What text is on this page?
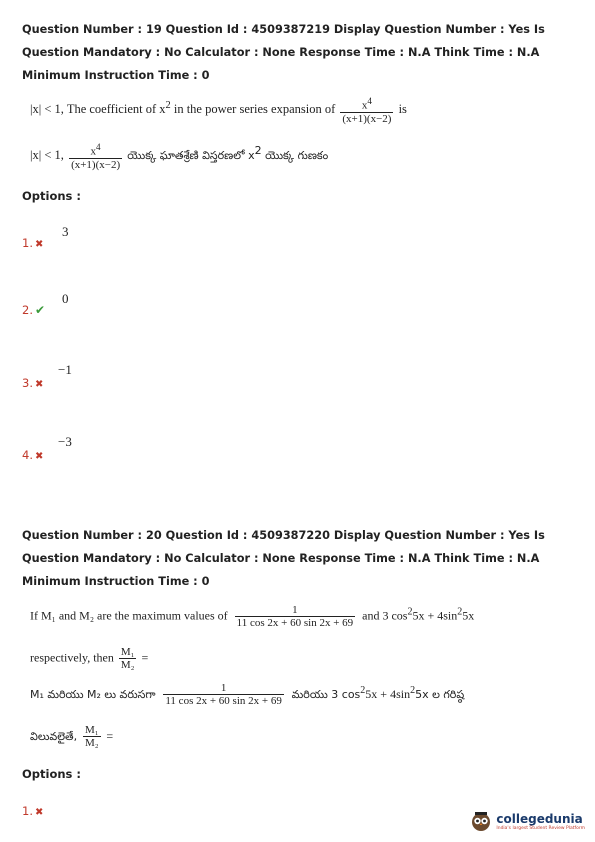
Question Number : 19 Question Id : 4509387219 Display Question Number : Yes Is Question Mandatory : No Calculator : None Response Time : N.A Think Time : N.A Minimum Instruction Time : 0
|x| < 1, The coefficient of $x^2$ in the power series expansion of $\frac{x^4}{(x+1)(x-2)}$ is
|x| < 1, $\frac{x^4}{(x+1)(x-2)}$ యొక్క ఘాతశ్రేణి విస్తరణలో $x^2$ యొక్క గుణకం
Options :
1. ✖
3
2. ✔
0
3. ✖
−1
4. ✖
−3
Question Number : 20 Question Id : 4509387220 Display Question Number : Yes Is Question Mandatory : No Calculator : None Response Time : N.A Think Time : N.A Minimum Instruction Time : 0
If M₁ and M₂ are the maximum values of $\frac{1}{11 \cos 2x + 60 \sin 2x + 69}$ and 3 $\cos^25x + 4\sin^25x$
respectively, then $\frac{\text{M₁}}{\text{M₂}}$ =
M₁ మరియు M₂ లు వరుసగా $\frac{1}{11 \cos 2x + 60 \sin 2x + 69}$ మరియు 3 $\cos^25x + 4\sin^25x$ ల గరిష్ఠ
విలువలైతే, $\frac{\text{M₁}}{\text{M₂}}$ =
Options :
1. ✖	collegedunia
India's largest Student Review Platform
